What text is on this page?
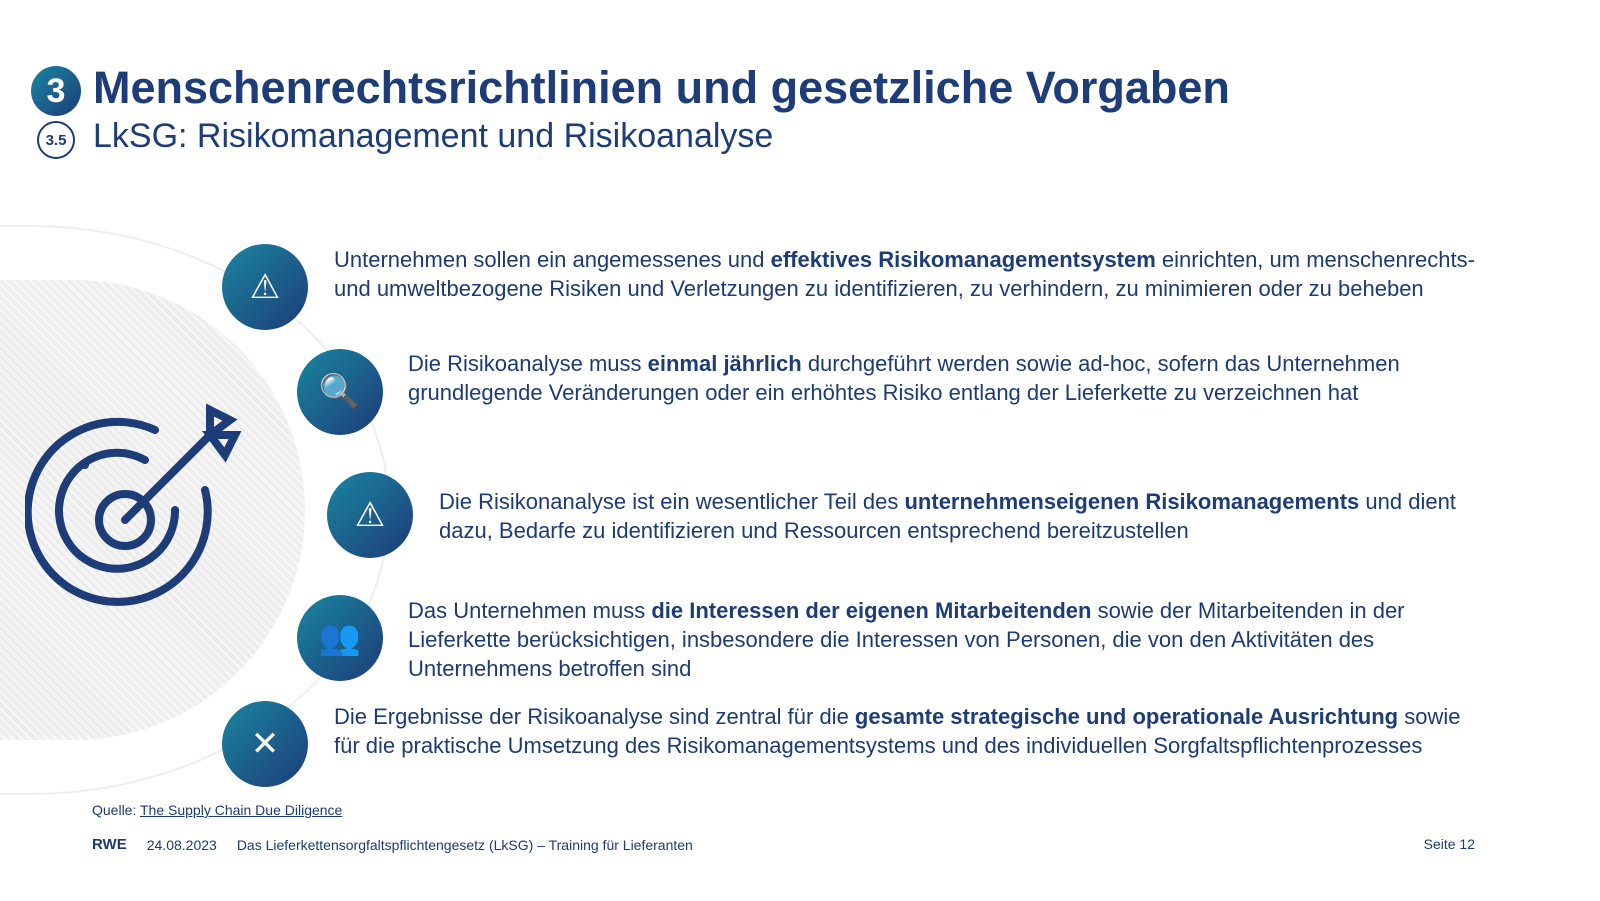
3 Menschenrechtsrichtlinien und gesetzliche Vorgaben
3.5 LkSG: Risikomanagement und Risikoanalyse
⚠
Unternehmen sollen ein angemessenes und effektives Risikomanagementsystem einrichten, um menschenrechts- und umweltbezogene Risiken und Verletzungen zu identifizieren, zu verhindern, zu minimieren oder zu beheben
🔍
Die Risikoanalyse muss einmal jährlich durchgeführt werden sowie ad-hoc, sofern das Unternehmen grundlegende Veränderungen oder ein erhöhtes Risiko entlang der Lieferkette zu verzeichnen hat
⚠ Die Risikonanalyse ist ein wesentlicher Teil des unternehmenseigenen Risikomanagements und dient dazu, Bedarfe zu identifizieren und Ressourcen entsprechend bereitzustellen
👥
Das Unternehmen muss die Interessen der eigenen Mitarbeitenden sowie der Mitarbeitenden in der Lieferkette berücksichtigen, insbesondere die Interessen von Personen, die von den Aktivitäten des Unternehmens betroffen sind
✕
Die Ergebnisse der Risikoanalyse sind zentral für die gesamte strategische und operationale Ausrichtung sowie für die praktische Umsetzung des Risikomanagementsystems und des individuellen Sorgfaltspflichtenprozesses
Quelle: The Supply Chain Due Diligence
RWE 24.08.2023 Das Lieferkettensorgfaltspflichtengesetz (LkSG) – Training für Lieferanten	Seite 12
